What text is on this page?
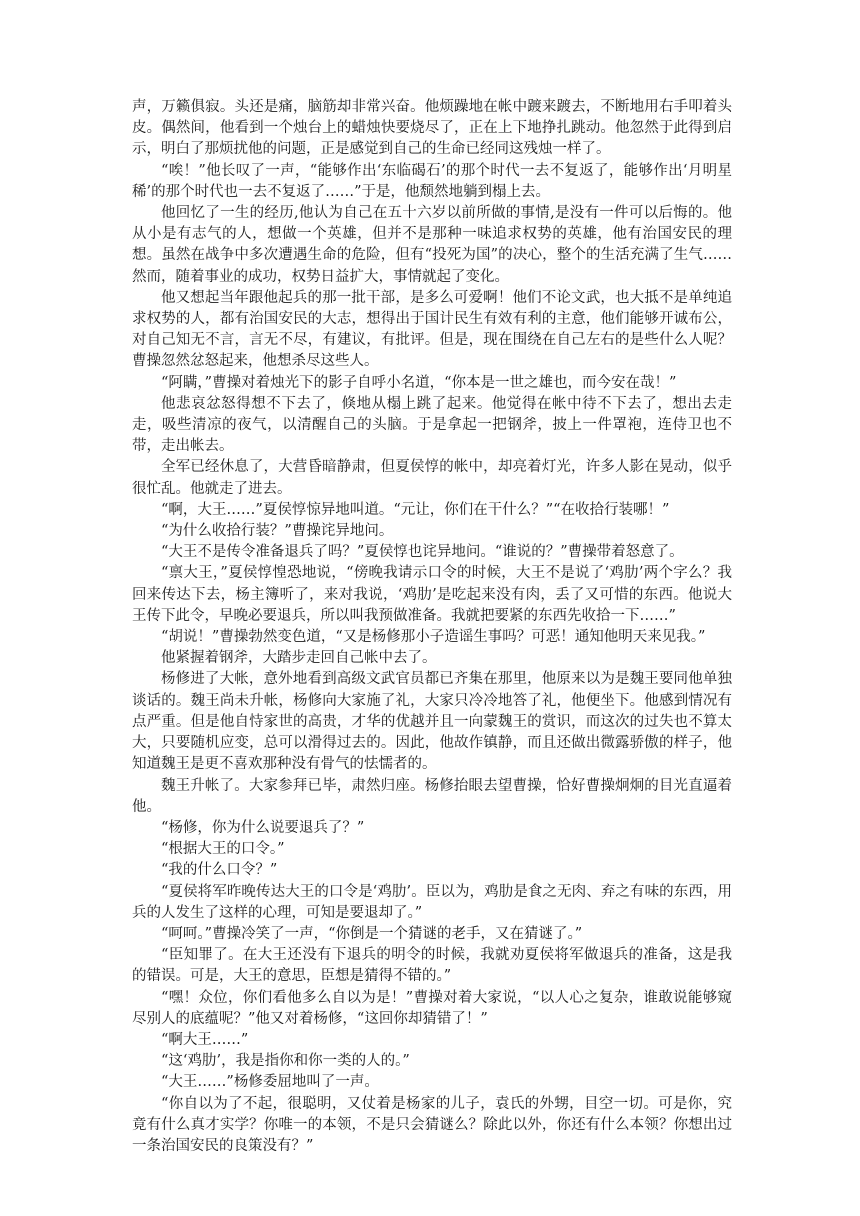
声，万籁俱寂。头还是痛，脑筋却非常兴奋。他烦躁地在帐中踱来踱去，不断地用右手叩着头皮。偶然间，他看到一个烛台上的蜡烛快要烧尽了，正在上下地挣扎跳动。他忽然于此得到启示，明白了那烦扰他的问题，正是感觉到自己的生命已经同这残烛一样了。

“唉！”他长叹了一声，“能够作出‘东临碣石’的那个时代一去不复返了，能够作出‘月明星稀’的那个时代也一去不复返了……”于是，他颓然地躺到榻上去。

他回忆了一生的经历,他认为自己在五十六岁以前所做的事情,是没有一件可以后悔的。他从小是有志气的人，想做一个英雄，但并不是那种一味追求权势的英雄，他有治国安民的理想。虽然在战争中多次遭遇生命的危险，但有“投死为国”的决心，整个的生活充满了生气……然而，随着事业的成功，权势日益扩大，事情就起了变化。

他又想起当年跟他起兵的那一批干部，是多么可爱啊！他们不论文武，也大抵不是单纯追求权势的人，都有治国安民的大志，想得出于国计民生有效有利的主意，他们能够开诚布公，对自己知无不言，言无不尽，有建议，有批评。但是，现在围绕在自己左右的是些什么人呢？曹操忽然忿怒起来，他想杀尽这些人。

“阿瞒，”曹操对着烛光下的影子自呼小名道，“你本是一世之雄也，而今安在哉！”

他悲哀忿怒得想不下去了，倏地从榻上跳了起来。他觉得在帐中待不下去了，想出去走走，吸些清凉的夜气，以清醒自己的头脑。于是拿起一把钢斧，披上一件罩袍，连侍卫也不带，走出帐去。

全军已经休息了，大营昏暗静肃，但夏侯惇的帐中，却亮着灯光，许多人影在晃动，似乎很忙乱。他就走了进去。

“啊，大王……”夏侯惇惊异地叫道。“元让，你们在干什么？”“在收拾行装哪！”

“为什么收拾行装？”曹操诧异地问。

“大王不是传令准备退兵了吗？”夏侯惇也诧异地问。“谁说的？”曹操带着怒意了。

“禀大王，”夏侯惇惶恐地说，“傍晚我请示口令的时候，大王不是说了‘鸡肋’两个字么？我回来传达下去，杨主簿听了，来对我说，‘鸡肋’是吃起来没有肉，丢了又可惜的东西。他说大王传下此令，早晚必要退兵，所以叫我预做准备。我就把要紧的东西先收拾一下……”

“胡说！”曹操勃然变色道，“又是杨修那小子造谣生事吗？可恶！通知他明天来见我。”

他紧握着钢斧，大踏步走回自己帐中去了。

杨修进了大帐，意外地看到高级文武官员都已齐集在那里，他原来以为是魏王要同他单独谈话的。魏王尚未升帐，杨修向大家施了礼，大家只冷冷地答了礼，他便坐下。他感到情况有点严重。但是他自恃家世的高贵，才华的优越并且一向蒙魏王的赏识，而这次的过失也不算太大，只要随机应变，总可以滑得过去的。因此，他故作镇静，而且还做出微露骄傲的样子，他知道魏王是更不喜欢那种没有骨气的怯懦者的。

魏王升帐了。大家参拜已毕，肃然归座。杨修抬眼去望曹操，恰好曹操炯炯的目光直逼着他。

“杨修，你为什么说要退兵了？”

“根据大王的口令。”

“我的什么口令？”

“夏侯将军昨晚传达大王的口令是‘鸡肋’。臣以为，鸡肋是食之无肉、弃之有味的东西，用兵的人发生了这样的心理，可知是要退却了。”

“呵呵。”曹操冷笑了一声，“你倒是一个猜谜的老手，又在猜谜了。”

“臣知罪了。在大王还没有下退兵的明令的时候，我就劝夏侯将军做退兵的准备，这是我的错误。可是，大王的意思，臣想是猜得不错的。”

“嘿！众位，你们看他多么自以为是！”曹操对着大家说，“以人心之复杂，谁敢说能够窥尽别人的底蕴呢？”他又对着杨修，“这回你却猜错了！”

“啊大王……”

“这‘鸡肋’，我是指你和你一类的人的。”

“大王……”杨修委屈地叫了一声。

“你自以为了不起，很聪明，又仗着是杨家的儿子，袁氏的外甥，目空一切。可是你，究竟有什么真才实学？你唯一的本领，不是只会猜谜么？除此以外，你还有什么本领？你想出过一条治国安民的良策没有？”
